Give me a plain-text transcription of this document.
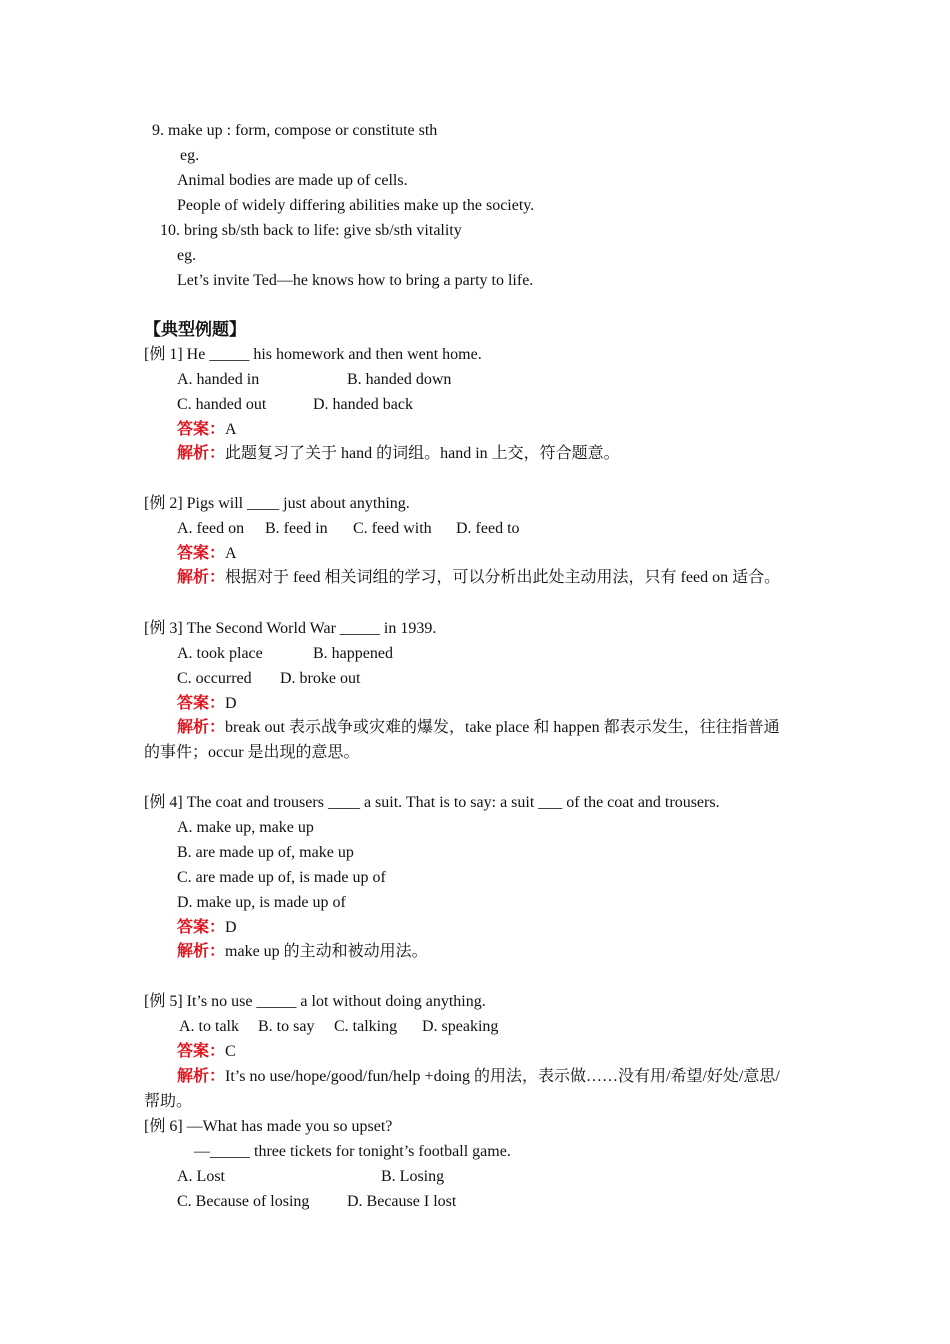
9. make up : form, compose or constitute sth
eg.
Animal bodies are made up of cells.
People of widely differing abilities make up the society.
10. bring sb/sth back to life: give sb/sth vitality
eg.
Let’s invite Ted—he knows how to bring a party to life.
【典型例题】
[例 1] He _____ his homework and then went home.
A. handed in	B. handed down
C. handed out	D. handed back
答案：A
解析：此题复习了关于 hand 的词组。hand in 上交，符合题意。
[例 2] Pigs will ____ just about anything.
A. feed on B. feed in C. feed with D. feed to
答案：A
解析：根据对于 feed 相关词组的学习，可以分析出此处主动用法，只有 feed on 适合。
[例 3] The Second World War _____ in 1939.
A. took place	B. happened
C. occurred D. broke out
答案：D
解析：break out 表示战争或灾难的爆发，take place 和 happen 都表示发生，往往指普通
的事件；occur 是出现的意思。
[例 4] The coat and trousers ____ a suit. That is to say: a suit ___ of the coat and trousers.
A. make up, make up
B. are made up of, make up
C. are made up of, is made up of
D. make up, is made up of
答案：D
解析：make up 的主动和被动用法。
[例 5] It’s no use _____ a lot without doing anything.
A. to talk B. to say C. talking D. speaking
答案：C
解析：It’s no use/hope/good/fun/help +doing 的用法，表示做……没有用/希望/好处/意思/
帮助。
[例 6] —What has made you so upset?
—_____ three tickets for tonight’s football game.
A. Lost	B. Losing
C. Because of losing D. Because I lost
